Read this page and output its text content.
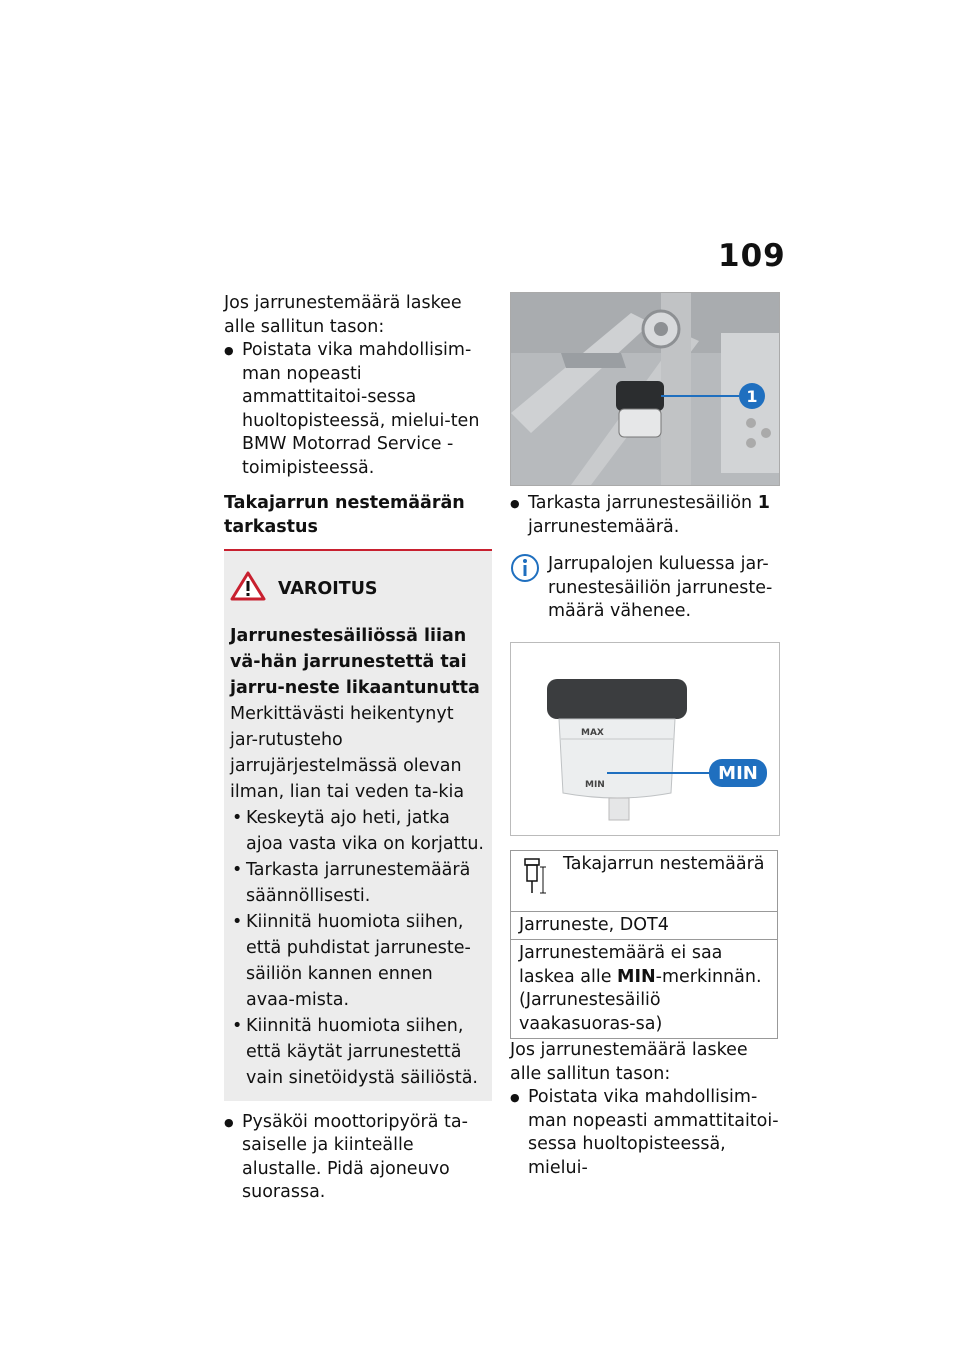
109

Jos jarrunestemäärä laskee alle sallitun tason:

● Poistata vika mahdollisim-man nopeasti ammattitaitoi-sessa huoltopisteessä, mielui-ten BMW Motorrad Service -toimipisteessä.
Takajarrun nestemäärän
tarkastus
VAROITUS

Jarrunestesäiliössä liian vä-hän jarrunestettä tai jarru-neste likaantunutta

Merkittävästi heikentynyt jar-rutusteho jarrujärjestelmässä olevan ilman, lian tai veden ta-kia

• Keskeytä ajo heti, jatka ajoa vasta vika on korjattu.
• Tarkasta jarrunestemäärä säännöllisesti.
• Kiinnitä huomiota siihen, että puhdistat jarruneste-säiliön kannen ennen avaa-mista.
• Kiinnitä huomiota siihen, että käytät jarrunestettä vain sinetöidystä säiliöstä.
● Pysäköi moottoripyörä ta-saiselle ja kiinteälle alustalle. Pidä ajoneuvo suorassa.
1
● Tarkasta jarrunestesäiliön 1 jarrunestemäärä.

Jarrupalojen kuluessa jar-runestesäiliön jarruneste-määrä vähenee.

MAX
MIN
MIN
Takajarrun nestemäärä

Jarruneste, DOT4
Jarrunestemäärä ei saa laskea alle MIN-merkinnän. (Jarrunestesäiliö vaakasuoras-sa)

Jos jarrunestemäärä laskee alle sallitun tason:

● Poistata vika mahdollisim-man nopeasti ammattitaitoi-sessa huoltopisteessä, mielui-
